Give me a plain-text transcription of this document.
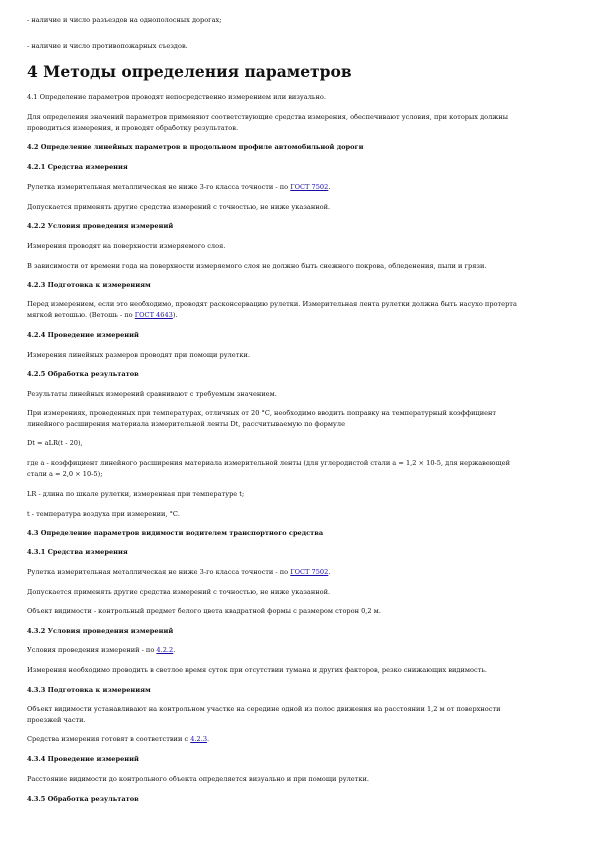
- наличие и число разъездов на однополосных дорогах;

- наличие и число противопожарных съездов.

4 Методы определения параметров

4.1 Определение параметров проводят непосредственно измерением или визуально.

Для определения значений параметров применяют соответствующие средства измерения, обеспечивают условия, при которых должны

проводиться измерения, и проводят обработку результатов.

4.2 Определение линейных параметров в продольном профиле автомобильной дороги

4.2.1 Средства измерения

Рулетка измерительная металлическая не ниже 3-го класса точности - по ГОСТ 7502.

Допускается применять другие средства измерений с точностью, не ниже указанной.

4.2.2 Условия проведения измерений

Измерения проводят на поверхности измеряемого слоя.

В зависимости от времени года на поверхности измеряемого слоя не должно быть снежного покрова, обледенения, пыли и грязи.

4.2.3 Подготовка к измерениям

Перед измерением, если это необходимо, проводят расконсервацию рулетки. Измерительная лента рулетки должна быть насухо протерта

мягкой ветошью. (Ветошь - по ГОСТ 4643).

4.2.4 Проведение измерений

Измерения линейных размеров проводят при помощи рулетки.

4.2.5 Обработка результатов

Результаты линейных измерений сравнивают с требуемым значением.

При измерениях, проведенных при температурах, отличных от 20 °С, необходимо вводить поправку на температурный коэффициент

линейного расширения материала измерительной ленты Dt, рассчитываемую по формуле

Dt = aLR(t - 20),

где a - коэффициент линейного расширения материала измерительной ленты (для углеродистой стали a = 1,2 × 10-5, для нержавеющей

стали a = 2,0 × 10-5);

LR - длина по шкале рулетки, измеренная при температуре t;

t - температура воздуха при измерении, °С.

4.3 Определение параметров видимости водителем транспортного средства

4.3.1 Средства измерения

Рулетка измерительная металлическая не ниже 3-го класса точности - по ГОСТ 7502.

Допускается применять другие средства измерений с точностью, не ниже указанной.

Объект видимости - контрольный предмет белого цвета квадратной формы с размером сторон 0,2 м.

4.3.2 Условия проведения измерений

Условия проведения измерений - по 4.2.2.

Измерения необходимо проводить в светлое время суток при отсутствии тумана и других факторов, резко снижающих видимость.

4.3.3 Подготовка к измерениям

Объект видимости устанавливают на контрольном участке на середине одной из полос движения на расстоянии 1,2 м от поверхности

проезжей части.

Средства измерения готовят в соответствии с 4.2.3.

4.3.4 Проведение измерений

Расстояние видимости до контрольного объекта определяется визуально и при помощи рулетки.

4.3.5 Обработка результатов
